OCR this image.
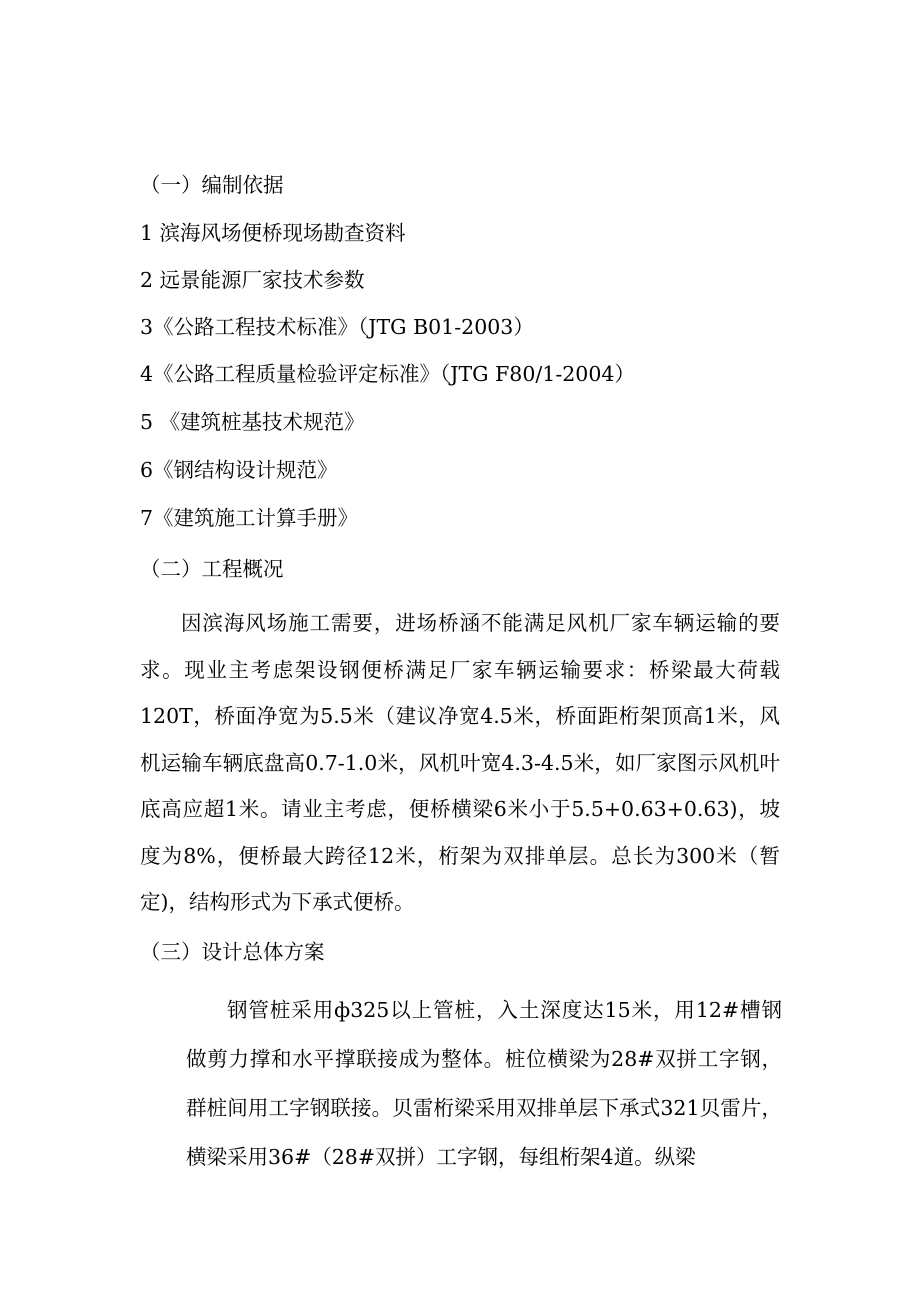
（一）编制依据
1 滨海风场便桥现场勘查资料
2 远景能源厂家技术参数
3《公路工程技术标准》（JTG B01-2003）
4《公路工程质量检验评定标准》（JTG F80/1-2004）
5 《建筑桩基技术规范》
6《钢结构设计规范》
7《建筑施工计算手册》
（二）工程概况
因滨海风场施工需要，进场桥涵不能满足风机厂家车辆运输的要求。现业主考虑架设钢便桥满足厂家车辆运输要求：桥梁最大荷载120T，桥面净宽为5.5米（建议净宽4.5米，桥面距桁架顶高1米，风机运输车辆底盘高0.7-1.0米，风机叶宽4.3-4.5米，如厂家图示风机叶底高应超1米。请业主考虑，便桥横梁6米小于5.5+0.63+0.63)，坡度为8%，便桥最大跨径12米，桁架为双排单层。总长为300米（暂定)，结构形式为下承式便桥。
（三）设计总体方案
钢管桩采用ф325以上管桩，入土深度达15米，用12#槽钢做剪力撑和水平撑联接成为整体。桩位横梁为28#双拼工字钢，群桩间用工字钢联接。贝雷桁梁采用双排单层下承式321贝雷片，横梁采用36#（28#双拼）工字钢，每组桁架4道。纵梁
